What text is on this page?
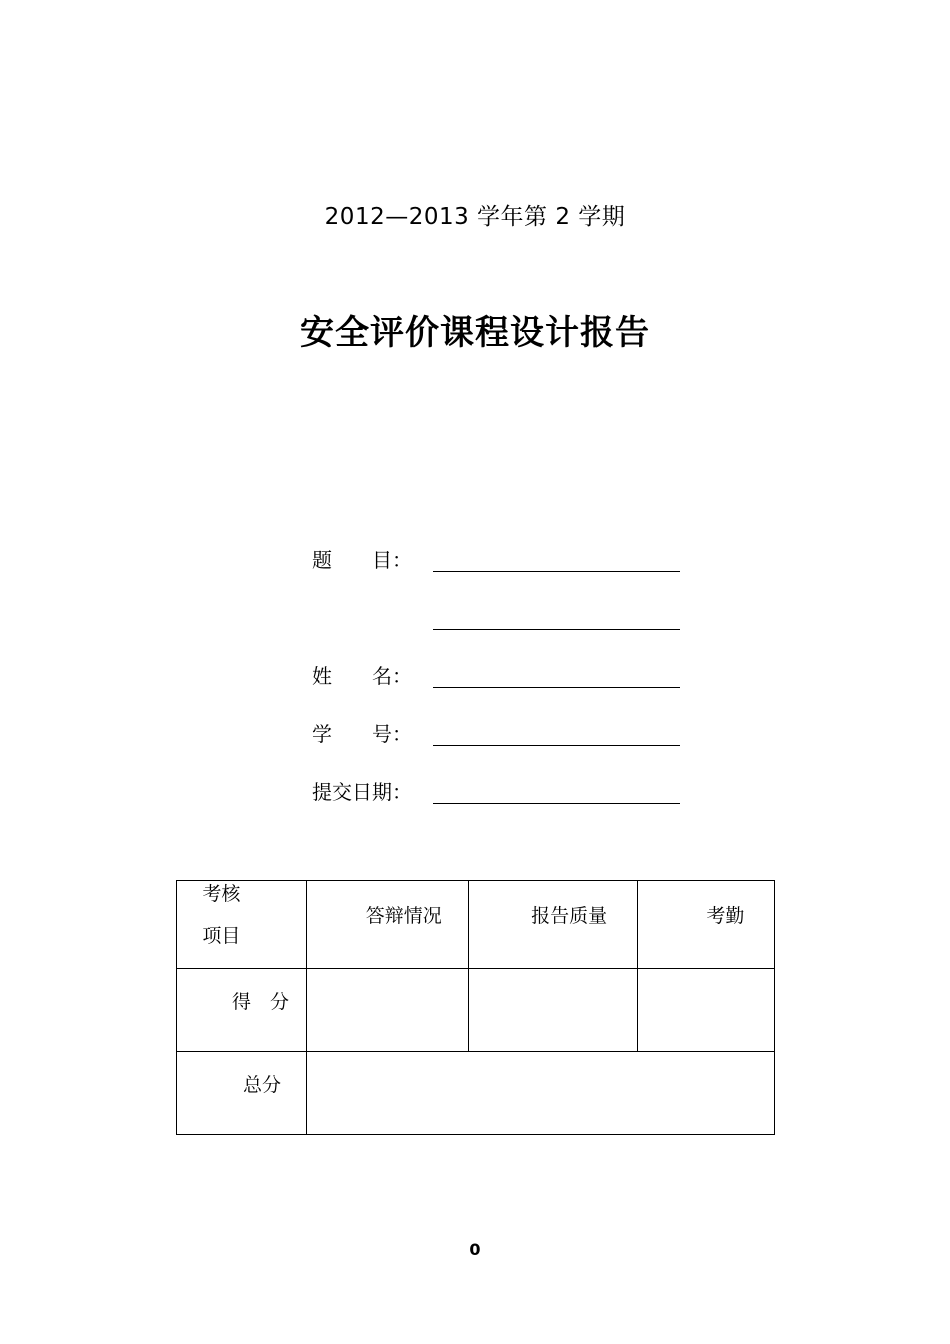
2012—2013 学年第 2 学期
安全评价课程设计报告
题　　目：
姓　　名：
学　　号：
提交日期：
考核
项目	答辩情况	报告质量	考勤

得　分			

总分			

0
